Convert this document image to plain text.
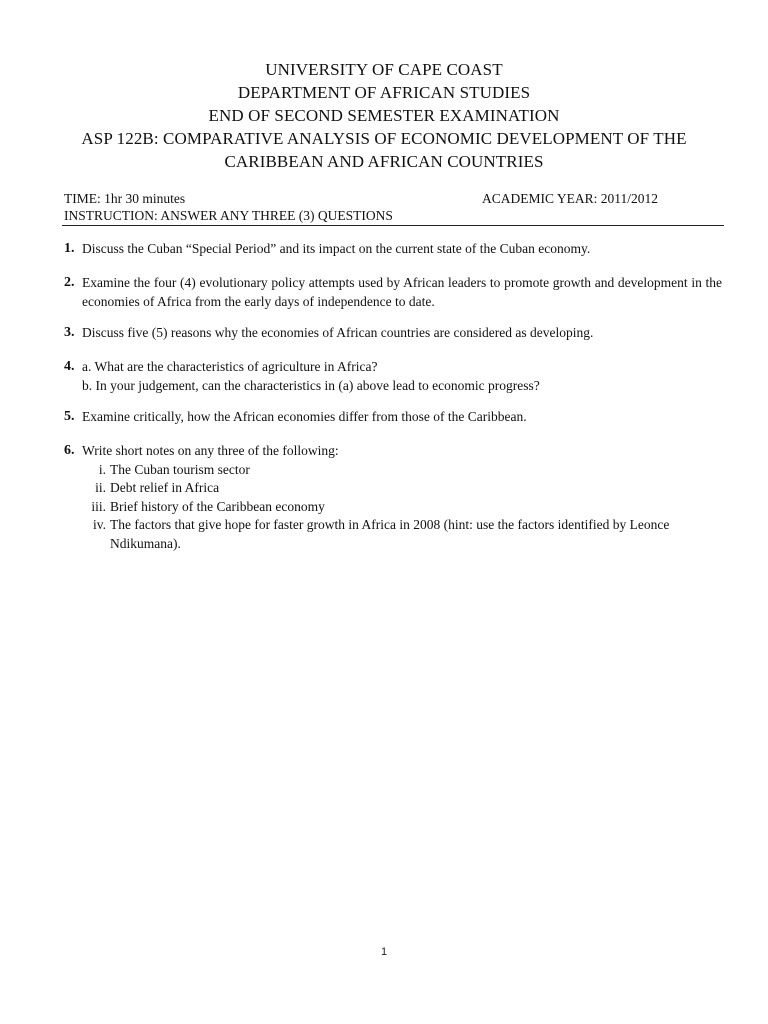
UNIVERSITY OF CAPE COAST
DEPARTMENT OF AFRICAN STUDIES
END OF SECOND SEMESTER EXAMINATION
ASP 122B: COMPARATIVE ANALYSIS OF ECONOMIC DEVELOPMENT OF THE
CARIBBEAN AND AFRICAN COUNTRIES
TIME: 1hr 30 minutes	ACADEMIC YEAR: 2011/2012
INSTRUCTION: ANSWER ANY THREE (3) QUESTIONS
1. Discuss the Cuban “Special Period” and its impact on the current state of the Cuban economy.
2. Examine the four (4) evolutionary policy attempts used by African leaders to promote growth and development in the economies of Africa from the early days of independence to date.
3. Discuss five (5) reasons why the economies of African countries are considered as developing.
4. a. What are the characteristics of agriculture in Africa?
b. In your judgement, can the characteristics in (a) above lead to economic progress?
5. Examine critically, how the African economies differ from those of the Caribbean.
6. Write short notes on any three of the following:
i. The Cuban tourism sector
ii. Debt relief in Africa
iii. Brief history of the Caribbean economy
iv. The factors that give hope for faster growth in Africa in 2008 (hint: use the factors identified by Leonce Ndikumana).
1
